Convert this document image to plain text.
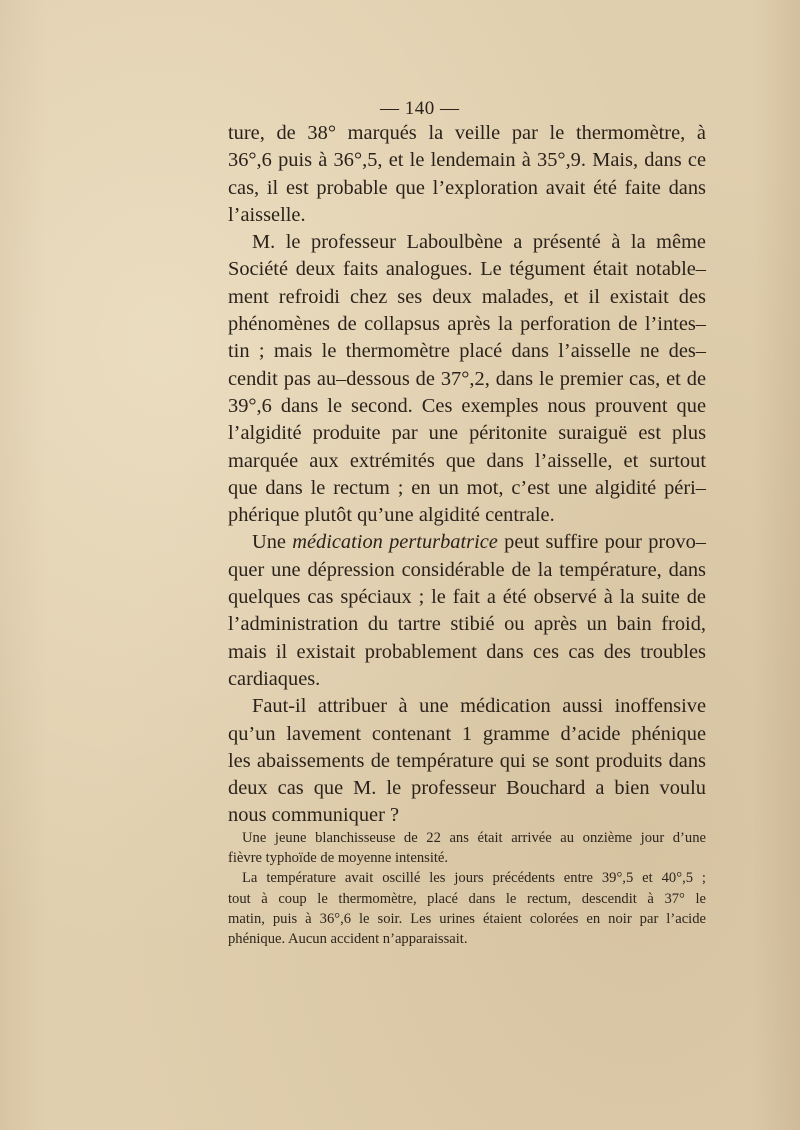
— 140 —
ture, de 38° marqués la veille par le thermomètre, à
36°,6 puis à 36°,5, et le lendemain à 35°,9. Mais, dans ce
cas, il est probable que l’exploration avait été faite dans
l’aisselle.
M. le professeur Laboulbène a présenté à la même
Société deux faits analogues. Le tégument était notable–
ment refroidi chez ses deux malades, et il existait des
phénomènes de collapsus après la perforation de l’intes–
tin ; mais le thermomètre placé dans l’aisselle ne des–
cendit pas au–dessous de 37°,2, dans le premier cas, et de
39°,6 dans le second. Ces exemples nous prouvent que
l’algidité produite par une péritonite suraiguë est plus
marquée aux extrémités que dans l’aisselle, et surtout
que dans le rectum ; en un mot, c’est une algidité péri–
phérique plutôt qu’une algidité centrale.
Une médication perturbatrice peut suffire pour provo–
quer une dépression considérable de la température, dans
quelques cas spéciaux ; le fait a été observé à la suite de
l’administration du tartre stibié ou après un bain froid,
mais il existait probablement dans ces cas des troubles
cardiaques.
Faut-il attribuer à une médication aussi inoffensive
qu’un lavement contenant 1 gramme d’acide phénique
les abaissements de température qui se sont produits dans
deux cas que M. le professeur Bouchard a bien voulu
nous communiquer ?
Une jeune blanchisseuse de 22 ans était arrivée au onzième jour d’une
fièvre typhoïde de moyenne intensité.
La température avait oscillé les jours précédents entre 39°,5 et 40°,5 ;
tout à coup le thermomètre, placé dans le rectum, descendit à 37° le
matin, puis à 36°,6 le soir. Les urines étaient colorées en noir par l’acide
phénique. Aucun accident n’apparaissait.
